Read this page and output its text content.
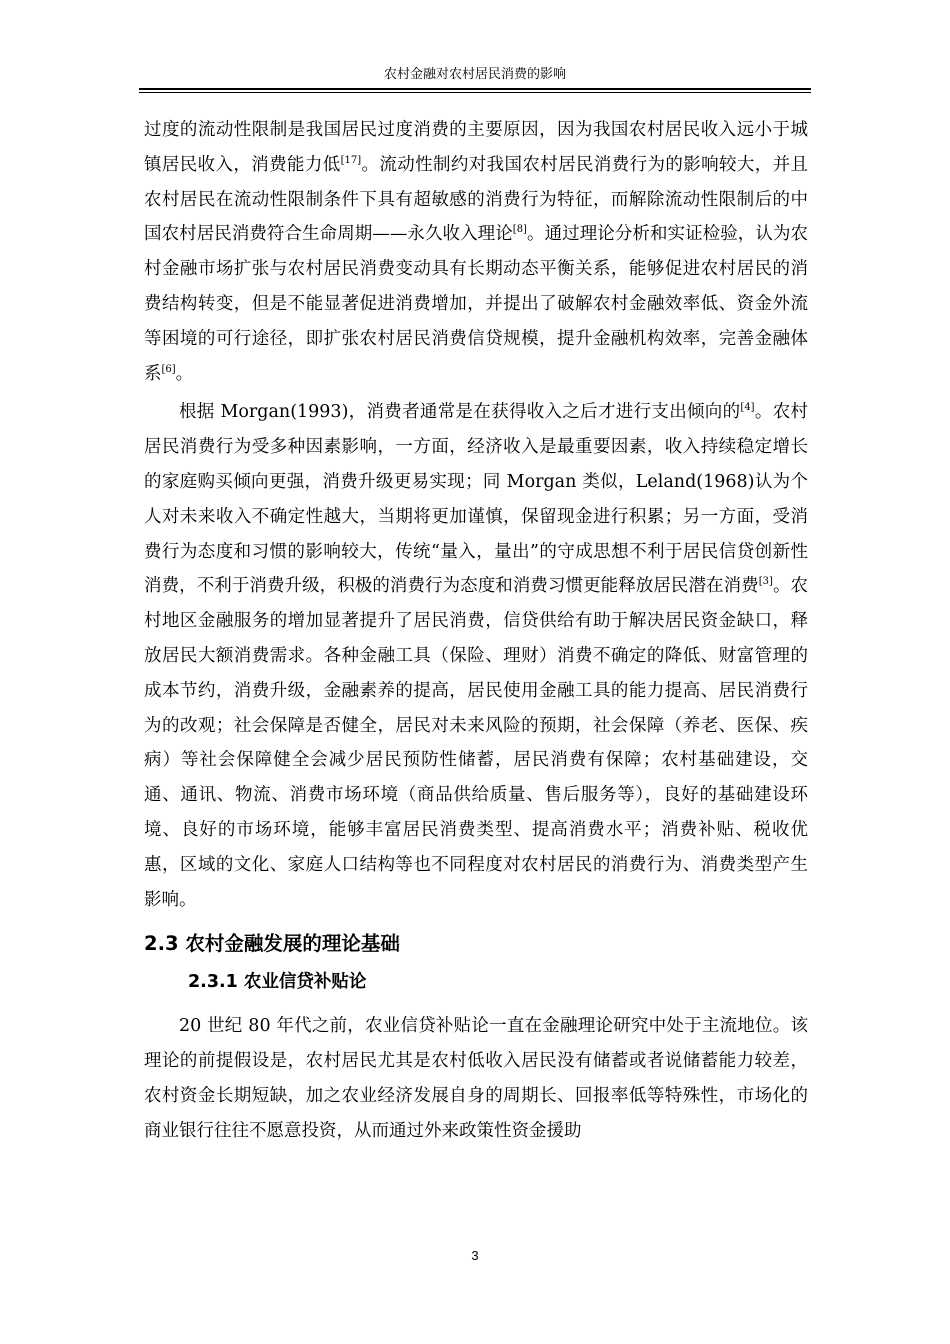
农村金融对农村居民消费的影响

过度的流动性限制是我国居民过度消费的主要原因，因为我国农村居民收入远小于城镇居民收入，消费能力低[17]。流动性制约对我国农村居民消费行为的影响较大，并且农村居民在流动性限制条件下具有超敏感的消费行为特征，而解除流动性限制后的中国农村居民消费符合生命周期——永久收入理论[8]。通过理论分析和实证检验，认为农村金融市场扩张与农村居民消费变动具有长期动态平衡关系，能够促进农村居民的消费结构转变，但是不能显著促进消费增加，并提出了破解农村金融效率低、资金外流等困境的可行途径，即扩张农村居民消费信贷规模，提升金融机构效率，完善金融体系[6]。

根据 Morgan(1993)，消费者通常是在获得收入之后才进行支出倾向的[4]。农村居民消费行为受多种因素影响，一方面，经济收入是最重要因素，收入持续稳定增长的家庭购买倾向更强，消费升级更易实现；同 Morgan 类似，Leland(1968)认为个人对未来收入不确定性越大，当期将更加谨慎，保留现金进行积累；另一方面，受消费行为态度和习惯的影响较大，传统“量入，量出”的守成思想不利于居民信贷创新性消费，不利于消费升级，积极的消费行为态度和消费习惯更能释放居民潜在消费[3]。农村地区金融服务的增加显著提升了居民消费，信贷供给有助于解决居民资金缺口，释放居民大额消费需求。各种金融工具（保险、理财）消费不确定的降低、财富管理的成本节约，消费升级，金融素养的提高，居民使用金融工具的能力提高、居民消费行为的改观；社会保障是否健全，居民对未来风险的预期，社会保障（养老、医保、疾病）等社会保障健全会减少居民预防性储蓄，居民消费有保障；农村基础建设，交通、通讯、物流、消费市场环境（商品供给质量、售后服务等），良好的基础建设环境、良好的市场环境，能够丰富居民消费类型、提高消费水平；消费补贴、税收优惠，区域的文化、家庭人口结构等也不同程度对农村居民的消费行为、消费类型产生影响。

2.3 农村金融发展的理论基础
2.3.1 农业信贷补贴论

20 世纪 80 年代之前，农业信贷补贴论一直在金融理论研究中处于主流地位。该理论的前提假设是，农村居民尤其是农村低收入居民没有储蓄或者说储蓄能力较差，农村资金长期短缺，加之农业经济发展自身的周期长、回报率低等特殊性，市场化的商业银行往往不愿意投资，从而通过外来政策性资金援助

3
